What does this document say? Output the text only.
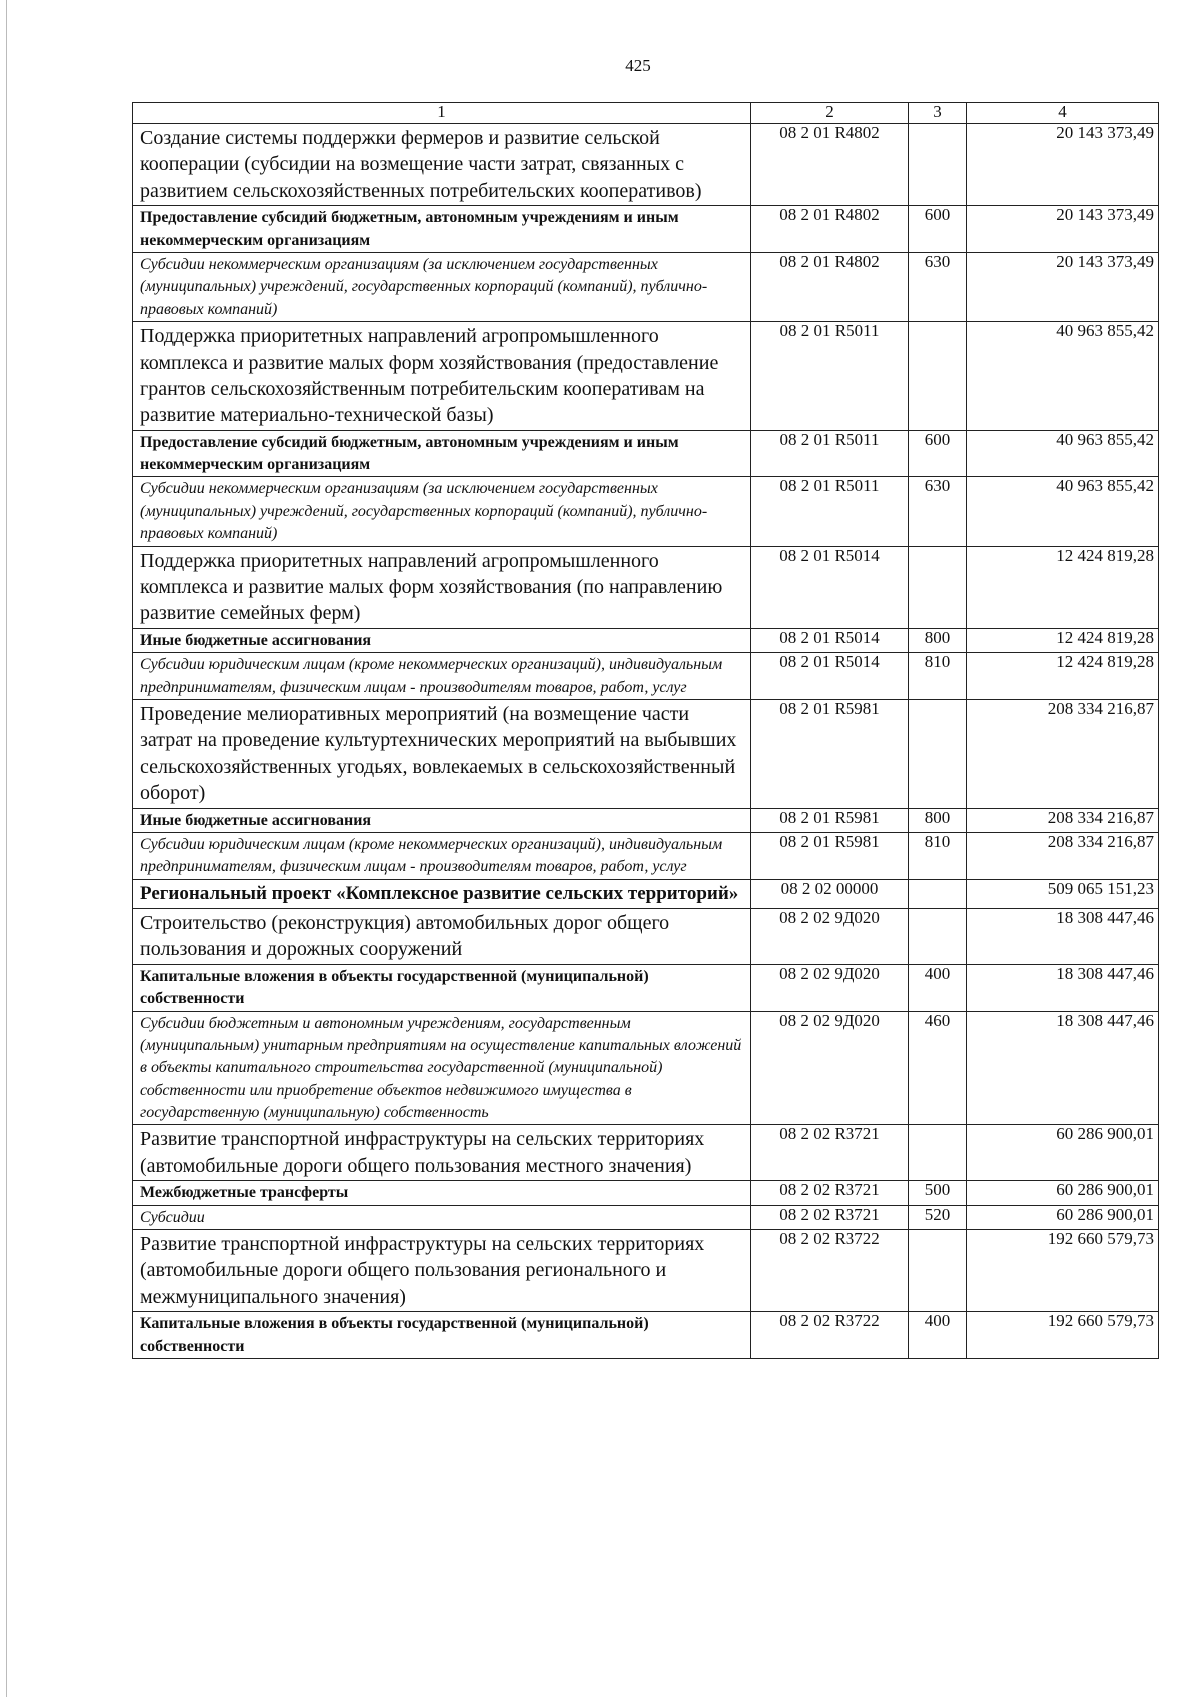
425
1	2	3	4
Создание системы поддержки фермеров и развитие сельской кооперации (субсидии на возмещение части затрат, связанных с развитием сельскохозяйственных потребительских кооперативов)	08 2 01 R4802		20 143 373,49
Предоставление субсидий бюджетным, автономным учреждениям и иным некоммерческим организациям	08 2 01 R4802	600	20 143 373,49
Субсидии некоммерческим организациям (за исключением государственных (муниципальных) учреждений, государственных корпораций (компаний), публично-правовых компаний)	08 2 01 R4802	630	20 143 373,49
Поддержка приоритетных направлений агропромышленного комплекса и развитие малых форм хозяйствования (предоставление грантов сельскохозяйственным потребительским кооперативам на развитие материально-технической базы)	08 2 01 R5011		40 963 855,42
Предоставление субсидий бюджетным, автономным учреждениям и иным некоммерческим организациям	08 2 01 R5011	600	40 963 855,42
Субсидии некоммерческим организациям (за исключением государственных (муниципальных) учреждений, государственных корпораций (компаний), публично-правовых компаний)	08 2 01 R5011	630	40 963 855,42
Поддержка приоритетных направлений агропромышленного комплекса и развитие малых форм хозяйствования (по направлению развитие семейных ферм)	08 2 01 R5014		12 424 819,28
Иные бюджетные ассигнования	08 2 01 R5014	800	12 424 819,28
Субсидии юридическим лицам (кроме некоммерческих организаций), индивидуальным предпринимателям, физическим лицам - производителям товаров, работ, услуг	08 2 01 R5014	810	12 424 819,28
Проведение мелиоративных мероприятий (на возмещение части затрат на проведение культуртехнических мероприятий на выбывших сельскохозяйственных угодьях, вовлекаемых в сельскохозяйственный оборот)	08 2 01 R5981		208 334 216,87
Иные бюджетные ассигнования	08 2 01 R5981	800	208 334 216,87
Субсидии юридическим лицам (кроме некоммерческих организаций), индивидуальным предпринимателям, физическим лицам - производителям товаров, работ, услуг	08 2 01 R5981	810	208 334 216,87
Региональный проект «Комплексное развитие сельских территорий»	08 2 02 00000		509 065 151,23
Строительство (реконструкция) автомобильных дорог общего пользования и дорожных сооружений	08 2 02 9Д020		18 308 447,46
Капитальные вложения в объекты государственной (муниципальной) собственности	08 2 02 9Д020	400	18 308 447,46
Субсидии бюджетным и автономным учреждениям, государственным (муниципальным) унитарным предприятиям на осуществление капитальных вложений в объекты капитального строительства государственной (муниципальной) собственности или приобретение объектов недвижимого имущества в государственную (муниципальную) собственность	08 2 02 9Д020	460	18 308 447,46
Развитие транспортной инфраструктуры на сельских территориях (автомобильные дороги общего пользования местного значения)	08 2 02 R3721		60 286 900,01
Межбюджетные трансферты	08 2 02 R3721	500	60 286 900,01
Субсидии	08 2 02 R3721	520	60 286 900,01
Развитие транспортной инфраструктуры на сельских территориях (автомобильные дороги общего пользования регионального и межмуниципального значения)	08 2 02 R3722		192 660 579,73
Капитальные вложения в объекты государственной (муниципальной) собственности	08 2 02 R3722	400	192 660 579,73
